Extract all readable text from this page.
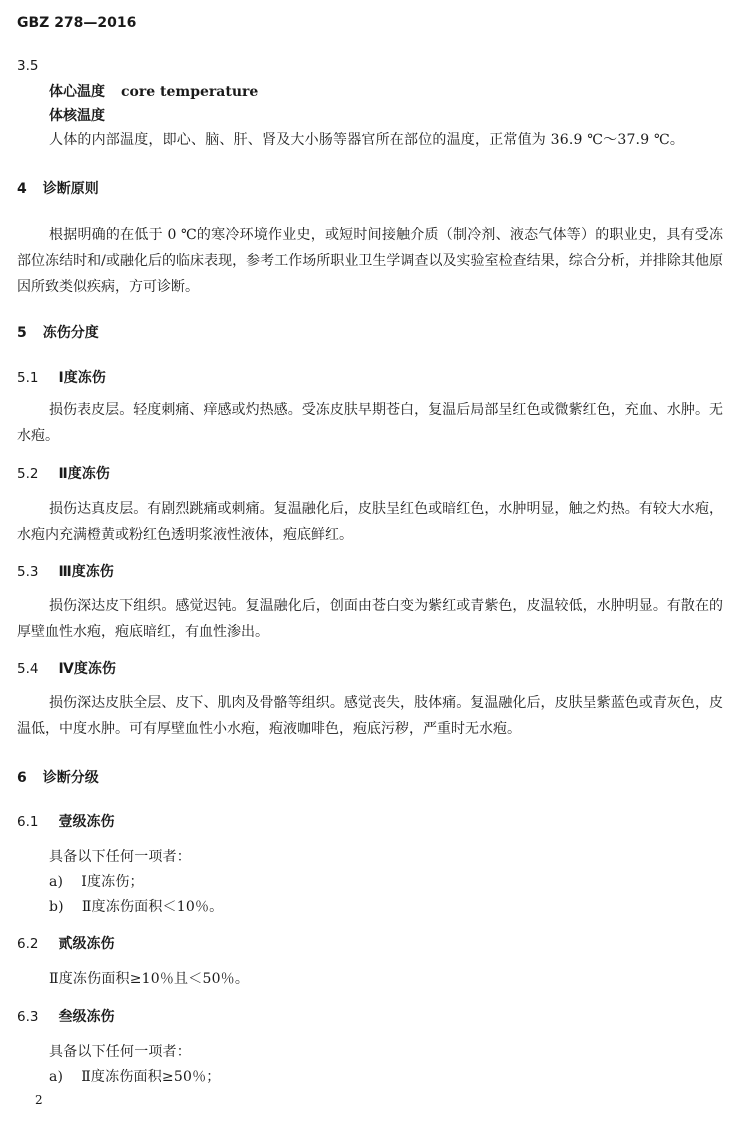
GBZ 278—2016
3.5
体心温度 core temperature
体核温度
人体的内部温度，即心、脑、肝、肾及大小肠等器官所在部位的温度，正常值为 36.9 ℃～37.9 ℃。
4 诊断原则
根据明确的在低于 0 ℃的寒冷环境作业史，或短时间接触介质（制冷剂、液态气体等）的职业史，具有受冻部位冻结时和/或融化后的临床表现，参考工作场所职业卫生学调查以及实验室检查结果，综合分析，并排除其他原因所致类似疾病，方可诊断。
5 冻伤分度
5.1 Ⅰ度冻伤
损伤表皮层。轻度刺痛、痒感或灼热感。受冻皮肤早期苍白，复温后局部呈红色或微紫红色，充血、水肿。无水疱。
5.2 Ⅱ度冻伤
损伤达真皮层。有剧烈跳痛或刺痛。复温融化后，皮肤呈红色或暗红色，水肿明显，触之灼热。有较大水疱，水疱内充满橙黄或粉红色透明浆液性液体，疱底鲜红。
5.3 Ⅲ度冻伤
损伤深达皮下组织。感觉迟钝。复温融化后，创面由苍白变为紫红或青紫色，皮温较低，水肿明显。有散在的厚壁血性水疱，疱底暗红，有血性渗出。
5.4 Ⅳ度冻伤
损伤深达皮肤全层、皮下、肌肉及骨骼等组织。感觉丧失，肢体痛。复温融化后，皮肤呈紫蓝色或青灰色，皮温低，中度水肿。可有厚壁血性小水疱，疱液咖啡色，疱底污秽，严重时无水疱。
6 诊断分级
6.1 壹级冻伤
具备以下任何一项者：
a) Ⅰ度冻伤；
b) Ⅱ度冻伤面积＜10％。
6.2 贰级冻伤
Ⅱ度冻伤面积≥10％且＜50％。
6.3 叁级冻伤
具备以下任何一项者：
a) Ⅱ度冻伤面积≥50％；
2
